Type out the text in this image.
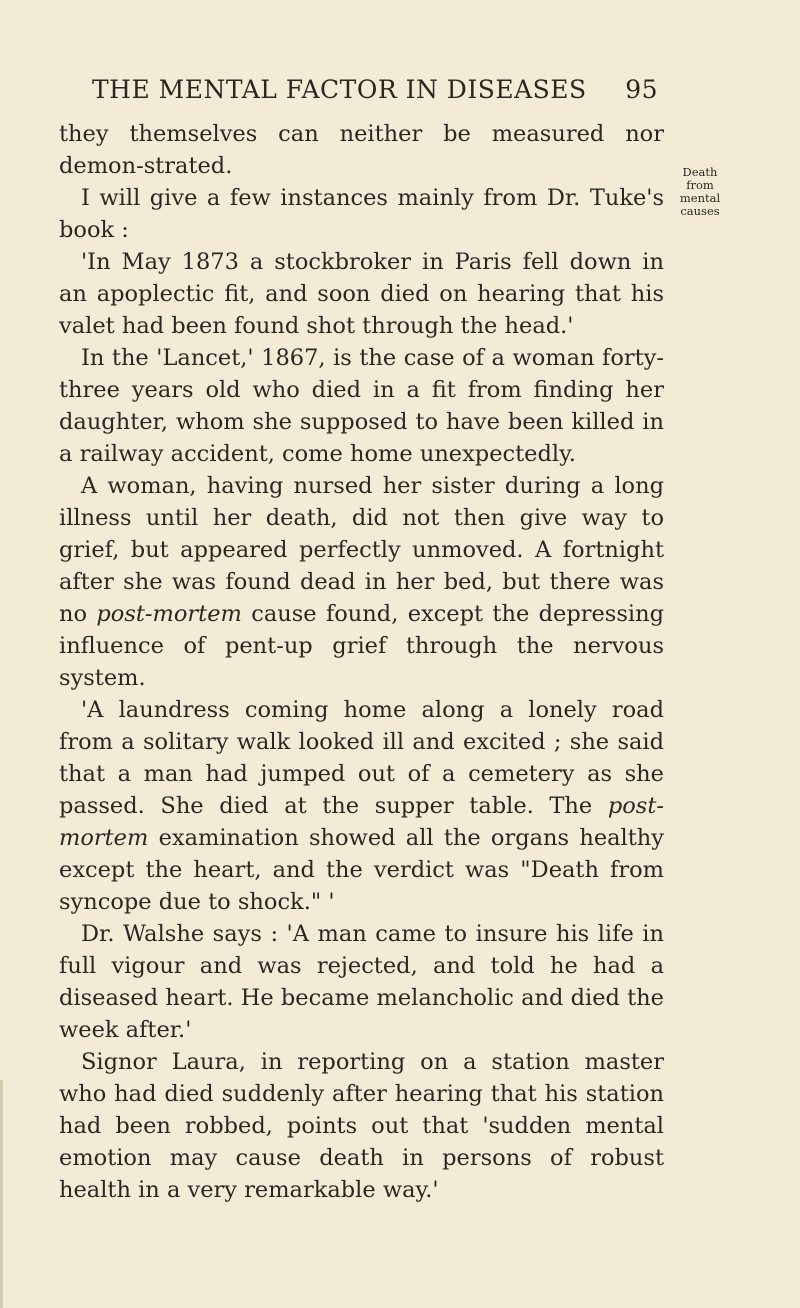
THE MENTAL FACTOR IN DISEASES 95
Death
from
mental
causes

they themselves can neither be measured nor demon-strated.

I will give a few instances mainly from Dr. Tuke's book :

'In May 1873 a stockbroker in Paris fell down in an apoplectic fit, and soon died on hearing that his valet had been found shot through the head.'

In the 'Lancet,' 1867, is the case of a woman forty-three years old who died in a fit from finding her daughter, whom she supposed to have been killed in a railway accident, come home unexpectedly.

A woman, having nursed her sister during a long illness until her death, did not then give way to grief, but appeared perfectly unmoved. A fortnight after she was found dead in her bed, but there was no post-mortem cause found, except the depressing influence of pent-up grief through the nervous system.

'A laundress coming home along a lonely road from a solitary walk looked ill and excited ; she said that a man had jumped out of a cemetery as she passed. She died at the supper table. The post-mortem examination showed all the organs healthy except the heart, and the verdict was "Death from syncope due to shock." '

Dr. Walshe says : 'A man came to insure his life in full vigour and was rejected, and told he had a diseased heart. He became melancholic and died the week after.'

Signor Laura, in reporting on a station master who had died suddenly after hearing that his station had been robbed, points out that 'sudden mental emotion may cause death in persons of robust health in a very remarkable way.'
